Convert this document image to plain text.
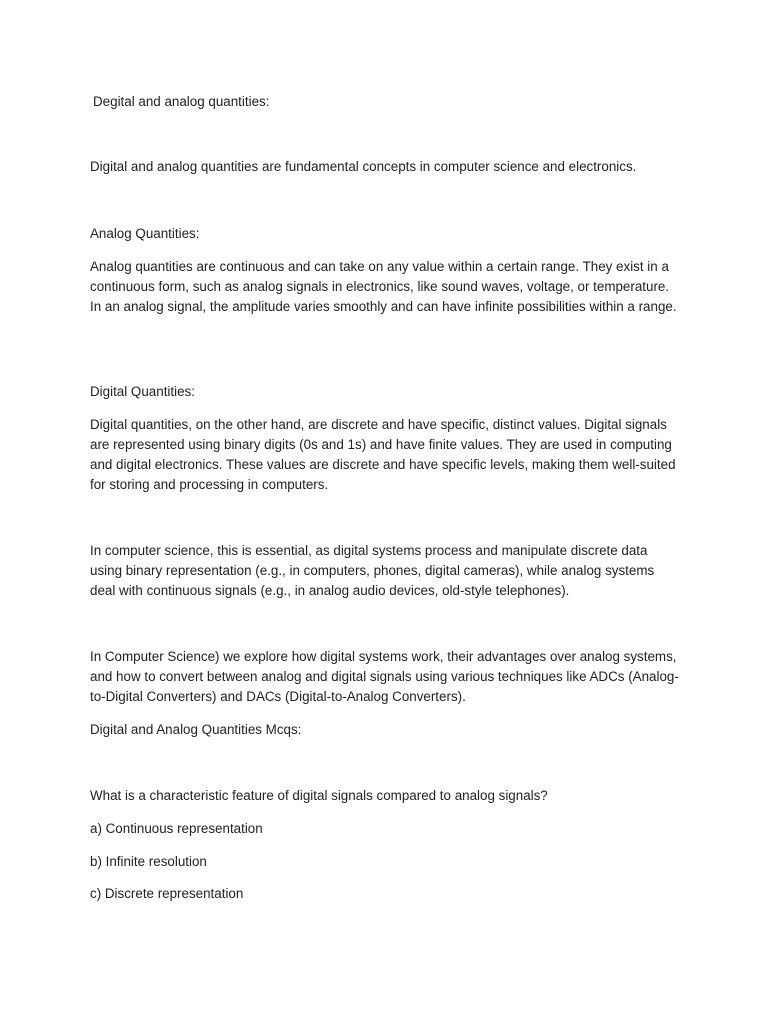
Degital and analog quantities:

Digital and analog quantities are fundamental concepts in computer science and electronics.

Analog Quantities:

Analog quantities are continuous and can take on any value within a certain range. They exist in a continuous form, such as analog signals in electronics, like sound waves, voltage, or temperature. In an analog signal, the amplitude varies smoothly and can have infinite possibilities within a range.

Digital Quantities:

Digital quantities, on the other hand, are discrete and have specific, distinct values. Digital signals are represented using binary digits (0s and 1s) and have finite values. They are used in computing and digital electronics. These values are discrete and have specific levels, making them well-suited for storing and processing in computers.

In computer science, this is essential, as digital systems process and manipulate discrete data using binary representation (e.g., in computers, phones, digital cameras), while analog systems deal with continuous signals (e.g., in analog audio devices, old-style telephones).

In Computer Science) we explore how digital systems work, their advantages over analog systems, and how to convert between analog and digital signals using various techniques like ADCs (Analog-to-Digital Converters) and DACs (Digital-to-Analog Converters).

Digital and Analog Quantities Mcqs:

What is a characteristic feature of digital signals compared to analog signals?

a) Continuous representation

b) Infinite resolution

c) Discrete representation
